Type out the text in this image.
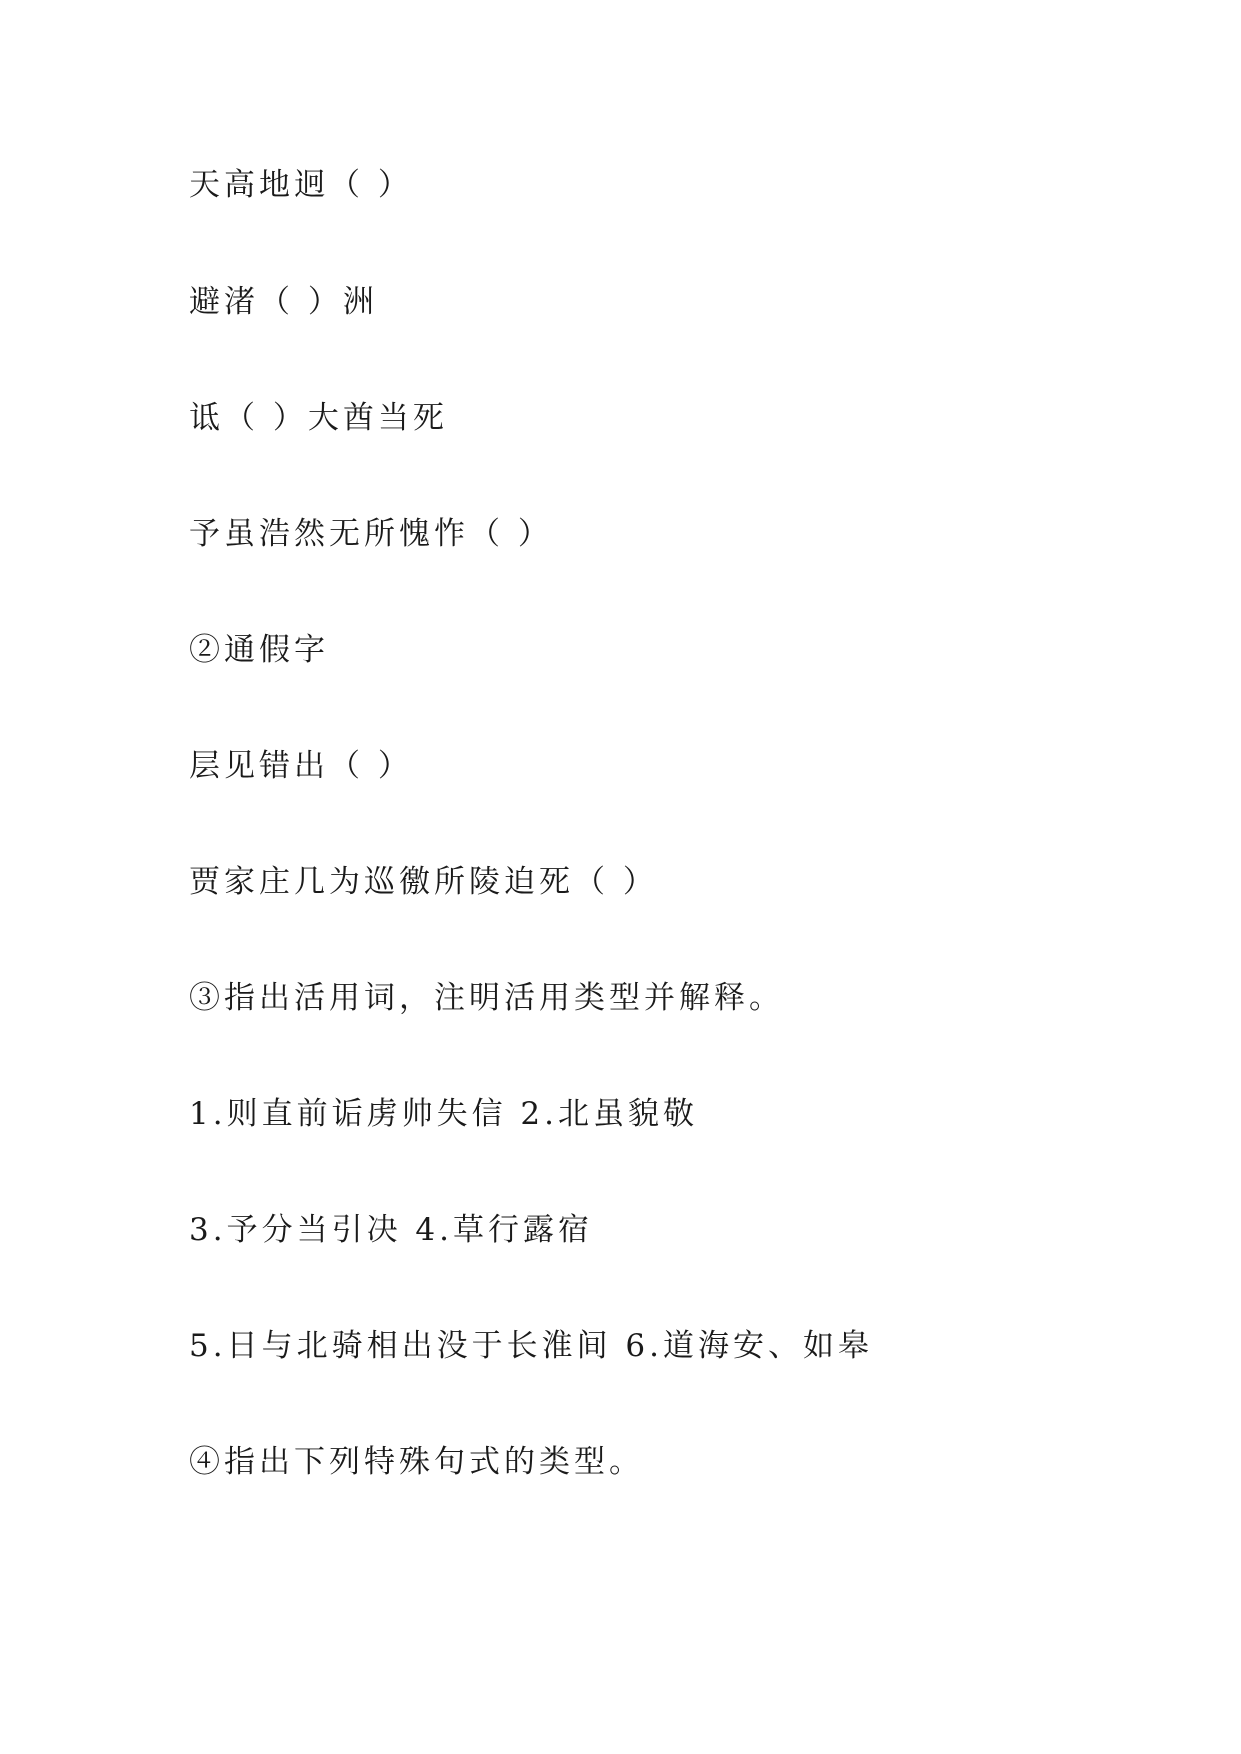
天高地迥（ ）
避渚（ ）洲
诋（ ）大酋当死
予虽浩然无所愧怍（ ）
②通假字
层见错出（ ）
贾家庄几为巡徼所陵迫死（ ）
③指出活用词，注明活用类型并解释。
1.则直前诟虏帅失信 2.北虽貌敬
3.予分当引决 4.草行露宿
5.日与北骑相出没于长淮间 6.道海安、如皋
④指出下列特殊句式的类型。
